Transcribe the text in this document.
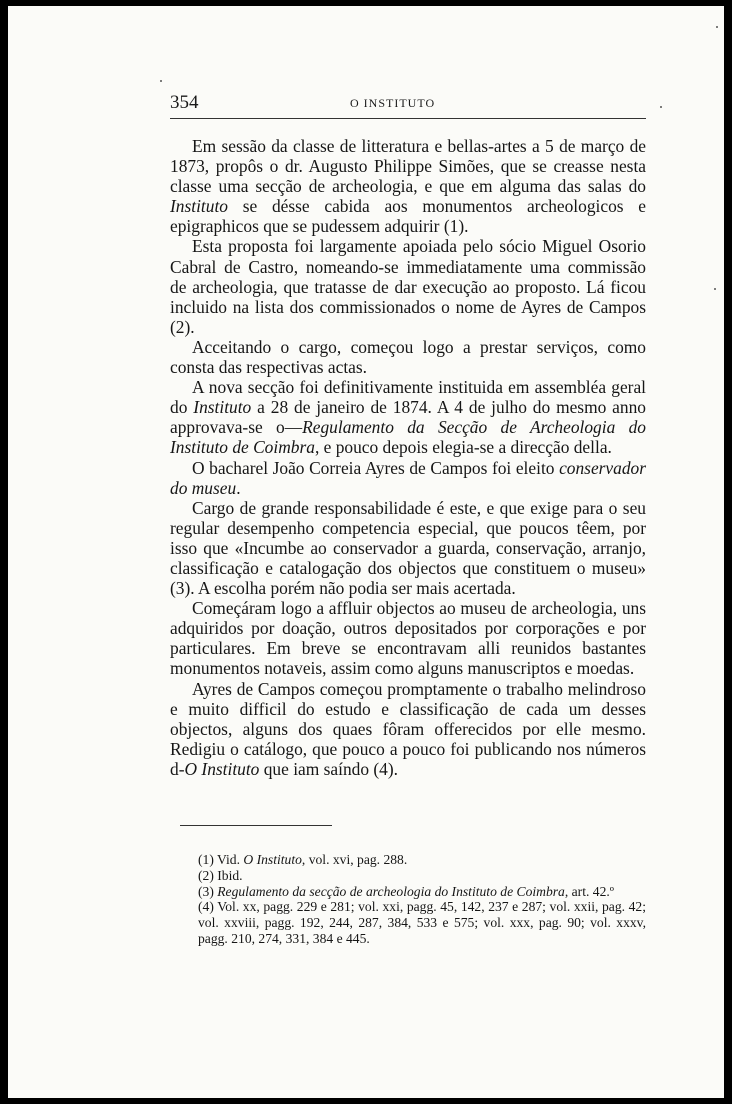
354	O INSTITUTO

Em sessão da classe de litteratura e bellas-artes a 5 de março de 1873, propôs o dr. Augusto Philippe Simões, que se creasse nesta classe uma secção de archeologia, e que em alguma das salas do Instituto se désse cabida aos monumentos archeologicos e epigraphicos que se pudessem adquirir (1).

Esta proposta foi largamente apoiada pelo sócio Miguel Osorio Cabral de Castro, nomeando-se immediatamente uma commissão de archeologia, que tratasse de dar execução ao proposto. Lá ficou incluido na lista dos commissionados o nome de Ayres de Campos (2).

Acceitando o cargo, começou logo a prestar serviços, como consta das respectivas actas.

A nova secção foi definitivamente instituida em assembléa geral do Instituto a 28 de janeiro de 1874. A 4 de julho do mesmo anno approvava-se o—Regulamento da Secção de Archeologia do Instituto de Coimbra, e pouco depois elegia-se a direcção della.

O bacharel João Correia Ayres de Campos foi eleito conservador do museu.

Cargo de grande responsabilidade é este, e que exige para o seu regular desempenho competencia especial, que poucos têem, por isso que «Incumbe ao conservador a guarda, conservação, arranjo, classificação e catalogação dos objectos que constituem o museu» (3). A escolha porém não podia ser mais acertada.

Começáram logo a affluir objectos ao museu de archeologia, uns adquiridos por doação, outros depositados por corporações e por particulares. Em breve se encontravam alli reunidos bastantes monumentos notaveis, assim como alguns manuscriptos e moedas.

Ayres de Campos começou promptamente o trabalho melindroso e muito difficil do estudo e classificação de cada um desses objectos, alguns dos quaes fôram offerecidos por elle mesmo. Redigiu o catálogo, que pouco a pouco foi publicando nos números d-O Instituto que iam saíndo (4).

(1) Vid. O Instituto, vol. xvi, pag. 288.

(2) Ibid.

(3) Regulamento da secção de archeologia do Instituto de Coimbra, art. 42.º

(4) Vol. xx, pagg. 229 e 281; vol. xxi, pagg. 45, 142, 237 e 287; vol. xxii, pag. 42; vol. xxviii, pagg. 192, 244, 287, 384, 533 e 575; vol. xxx, pag. 90; vol. xxxv, pagg. 210, 274, 331, 384 e 445.
